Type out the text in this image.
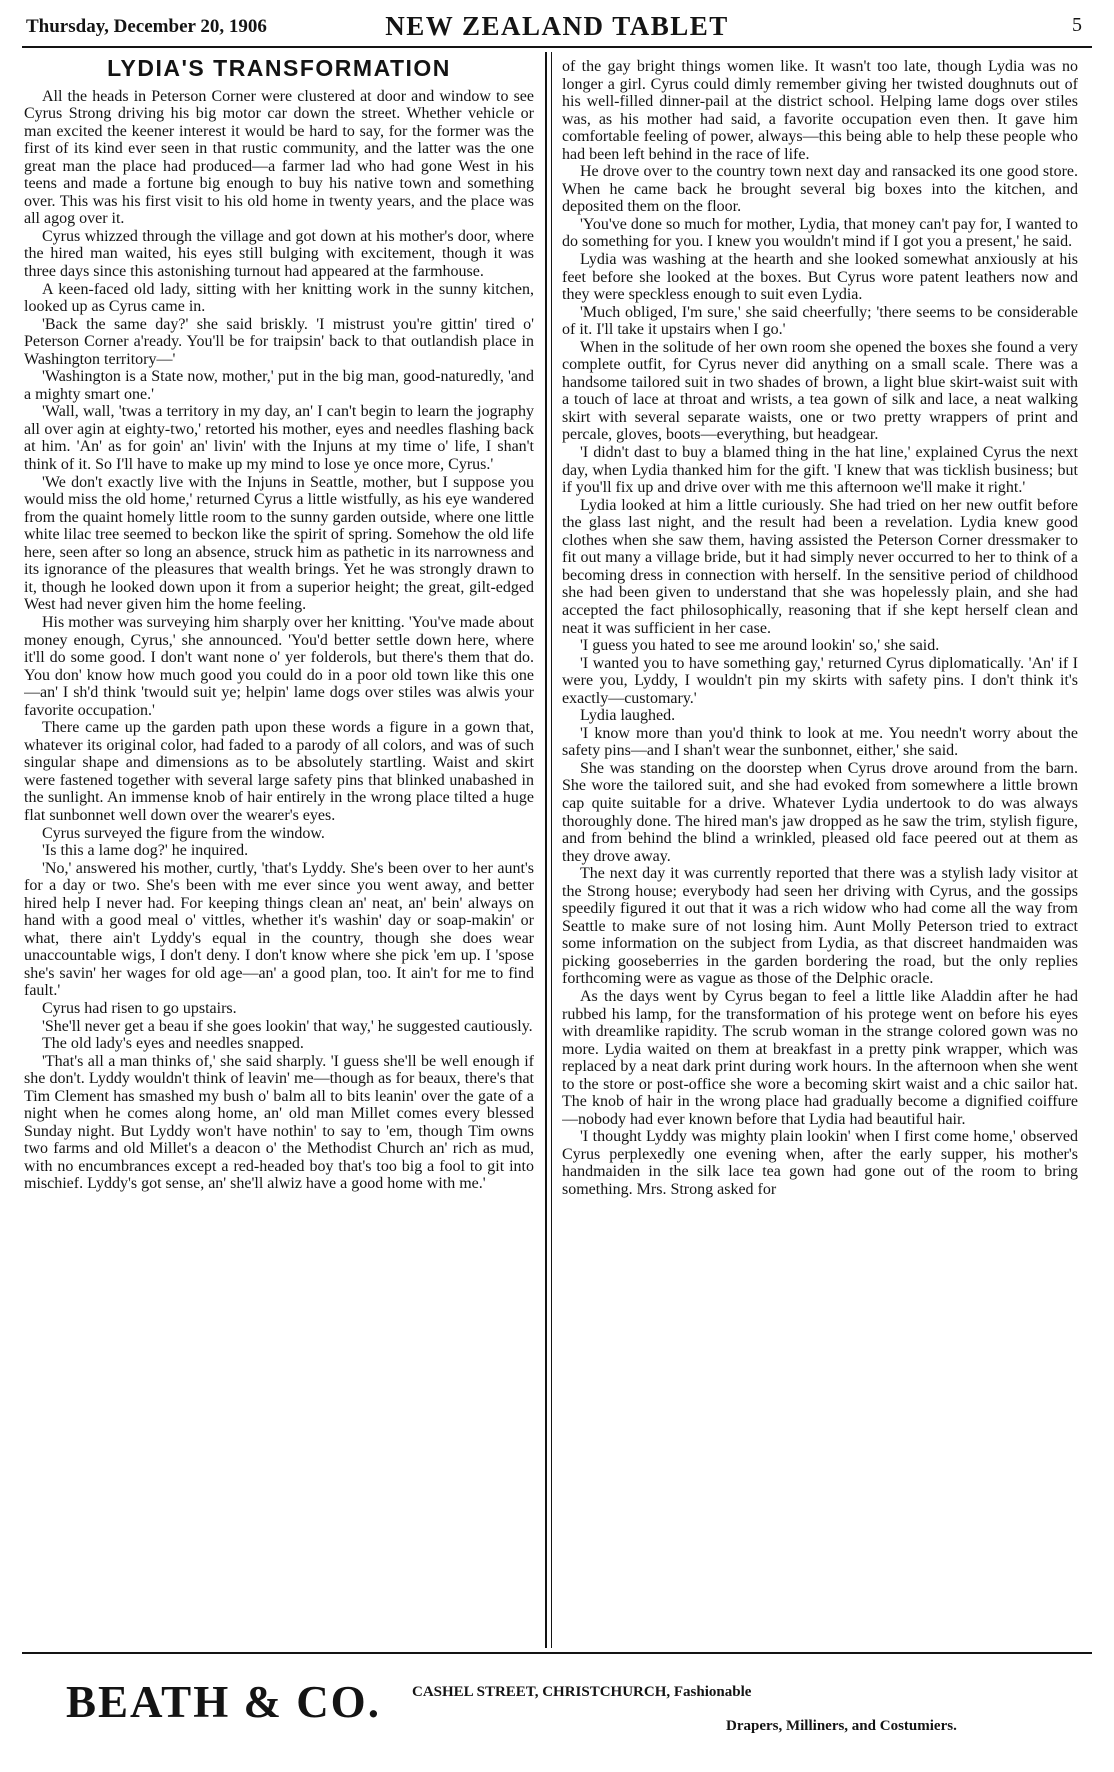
Thursday, December 20, 1906	NEW ZEALAND TABLET	5
LYDIA'S TRANSFORMATION

All the heads in Peterson Corner were clustered at door and window to see Cyrus Strong driving his big motor car down the street. Whether vehicle or man excited the keener interest it would be hard to say, for the former was the first of its kind ever seen in that rustic community, and the latter was the one great man the place had produced—a farmer lad who had gone West in his teens and made a fortune big enough to buy his native town and something over. This was his first visit to his old home in twenty years, and the place was all agog over it.

Cyrus whizzed through the village and got down at his mother's door, where the hired man waited, his eyes still bulging with excitement, though it was three days since this astonishing turnout had appeared at the farmhouse.

A keen-faced old lady, sitting with her knitting work in the sunny kitchen, looked up as Cyrus came in.

'Back the same day?' she said briskly. 'I mistrust you're gittin' tired o' Peterson Corner a'ready. You'll be for traipsin' back to that outlandish place in Washington territory—'

'Washington is a State now, mother,' put in the big man, good-naturedly, 'and a mighty smart one.'

'Wall, wall, 'twas a territory in my day, an' I can't begin to learn the jography all over agin at eighty-two,' retorted his mother, eyes and needles flashing back at him. 'An' as for goin' an' livin' with the Injuns at my time o' life, I shan't think of it. So I'll have to make up my mind to lose ye once more, Cyrus.'

'We don't exactly live with the Injuns in Seattle, mother, but I suppose you would miss the old home,' returned Cyrus a little wistfully, as his eye wandered from the quaint homely little room to the sunny garden outside, where one little white lilac tree seemed to beckon like the spirit of spring. Somehow the old life here, seen after so long an absence, struck him as pathetic in its narrowness and its ignorance of the pleasures that wealth brings. Yet he was strongly drawn to it, though he looked down upon it from a superior height; the great, gilt-edged West had never given him the home feeling.

His mother was surveying him sharply over her knitting. 'You've made about money enough, Cyrus,' she announced. 'You'd better settle down here, where it'll do some good. I don't want none o' yer folderols, but there's them that do. You don' know how much good you could do in a poor old town like this one—an' I sh'd think 'twould suit ye; helpin' lame dogs over stiles was alwis your favorite occupation.'

There came up the garden path upon these words a figure in a gown that, whatever its original color, had faded to a parody of all colors, and was of such singular shape and dimensions as to be absolutely startling. Waist and skirt were fastened together with several large safety pins that blinked unabashed in the sunlight. An immense knob of hair entirely in the wrong place tilted a huge flat sunbonnet well down over the wearer's eyes.

Cyrus surveyed the figure from the window.

'Is this a lame dog?' he inquired.

'No,' answered his mother, curtly, 'that's Lyddy. She's been over to her aunt's for a day or two. She's been with me ever since you went away, and better hired help I never had. For keeping things clean an' neat, an' bein' always on hand with a good meal o' vittles, whether it's washin' day or soap-makin' or what, there ain't Lyddy's equal in the country, though she does wear unaccountable wigs, I don't deny. I don't know where she pick 'em up. I 'spose she's savin' her wages for old age—an' a good plan, too. It ain't for me to find fault.'

Cyrus had risen to go upstairs.

'She'll never get a beau if she goes lookin' that way,' he suggested cautiously.

The old lady's eyes and needles snapped.

'That's all a man thinks of,' she said sharply. 'I guess she'll be well enough if she don't. Lyddy wouldn't think of leavin' me—though as for beaux, there's that Tim Clement has smashed my bush o' balm all to bits leanin' over the gate of a night when he comes along home, an' old man Millet comes every blessed Sunday night. But Lyddy won't have nothin' to say to 'em, though Tim owns two farms and old Millet's a deacon o' the Methodist Church an' rich as mud, with no encumbrances except a red-headed boy that's too big a fool to git into mischief. Lyddy's got sense, an' she'll alwiz have a good home with me.'

of the gay bright things women like. It wasn't too late, though Lydia was no longer a girl. Cyrus could dimly remember giving her twisted doughnuts out of his well-filled dinner-pail at the district school. Helping lame dogs over stiles was, as his mother had said, a favorite occupation even then. It gave him comfortable feeling of power, always—this being able to help these people who had been left behind in the race of life.

He drove over to the country town next day and ransacked its one good store. When he came back he brought several big boxes into the kitchen, and deposited them on the floor.

'You've done so much for mother, Lydia, that money can't pay for, I wanted to do something for you. I knew you wouldn't mind if I got you a present,' he said.

Lydia was washing at the hearth and she looked somewhat anxiously at his feet before she looked at the boxes. But Cyrus wore patent leathers now and they were speckless enough to suit even Lydia.

'Much obliged, I'm sure,' she said cheerfully; 'there seems to be considerable of it. I'll take it upstairs when I go.'

When in the solitude of her own room she opened the boxes she found a very complete outfit, for Cyrus never did anything on a small scale. There was a handsome tailored suit in two shades of brown, a light blue skirt-waist suit with a touch of lace at throat and wrists, a tea gown of silk and lace, a neat walking skirt with several separate waists, one or two pretty wrappers of print and percale, gloves, boots—everything, but headgear.

'I didn't dast to buy a blamed thing in the hat line,' explained Cyrus the next day, when Lydia thanked him for the gift. 'I knew that was ticklish business; but if you'll fix up and drive over with me this afternoon we'll make it right.'

Lydia looked at him a little curiously. She had tried on her new outfit before the glass last night, and the result had been a revelation. Lydia knew good clothes when she saw them, having assisted the Peterson Corner dressmaker to fit out many a village bride, but it had simply never occurred to her to think of a becoming dress in connection with herself. In the sensitive period of childhood she had been given to understand that she was hopelessly plain, and she had accepted the fact philosophically, reasoning that if she kept herself clean and neat it was sufficient in her case.

'I guess you hated to see me around lookin' so,' she said.

'I wanted you to have something gay,' returned Cyrus diplomatically. 'An' if I were you, Lyddy, I wouldn't pin my skirts with safety pins. I don't think it's exactly—customary.'

Lydia laughed.

'I know more than you'd think to look at me. You needn't worry about the safety pins—and I shan't wear the sunbonnet, either,' she said.

She was standing on the doorstep when Cyrus drove around from the barn. She wore the tailored suit, and she had evoked from somewhere a little brown cap quite suitable for a drive. Whatever Lydia undertook to do was always thoroughly done. The hired man's jaw dropped as he saw the trim, stylish figure, and from behind the blind a wrinkled, pleased old face peered out at them as they drove away.

The next day it was currently reported that there was a stylish lady visitor at the Strong house; everybody had seen her driving with Cyrus, and the gossips speedily figured it out that it was a rich widow who had come all the way from Seattle to make sure of not losing him. Aunt Molly Peterson tried to extract some information on the subject from Lydia, as that discreet handmaiden was picking gooseberries in the garden bordering the road, but the only replies forthcoming were as vague as those of the Delphic oracle.

As the days went by Cyrus began to feel a little like Aladdin after he had rubbed his lamp, for the transformation of his protege went on before his eyes with dreamlike rapidity. The scrub woman in the strange colored gown was no more. Lydia waited on them at breakfast in a pretty pink wrapper, which was replaced by a neat dark print during work hours. In the afternoon when she went to the store or post-office she wore a becoming skirt waist and a chic sailor hat. The knob of hair in the wrong place had gradually become a dignified coiffure—nobody had ever known before that Lydia had beautiful hair.

'I thought Lyddy was mighty plain lookin' when I first come home,' observed Cyrus perplexedly one evening when, after the early supper, his mother's handmaiden in the silk lace tea gown had gone out of the room to bring something. Mrs. Strong asked for

BEATH & CO. CASHEL STREET, CHRISTCHURCH, Fashionable
Drapers, Milliners, and Costumiers.
